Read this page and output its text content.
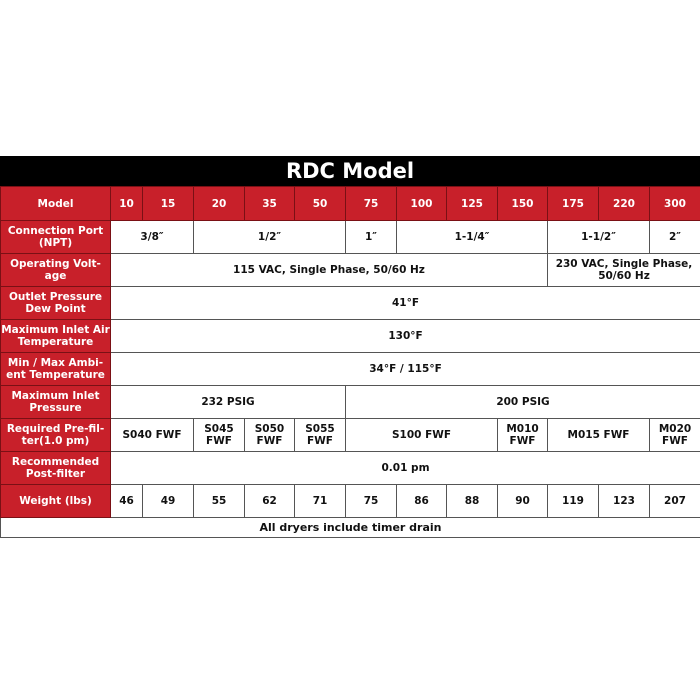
RDC Model
Model	10	15	20	35	50	75	100	125	150	175	220	300
Connection Port (NPT)	3/8″		1/2″			1″	1-1/4″			1-1/2″		2″
Operating Volt-age	115 VAC, Single Phase, 50/60 Hz									230 VAC, Single Phase, 50/60 Hz		
Outlet Pressure Dew Point	41°F											
Maximum Inlet Air Temperature	130°F											
Min / Max Ambi-ent Temperature	34°F / 115°F											
Maximum Inlet Pressure	232 PSIG					200 PSIG						
Required Pre-fil-ter(1.0 pm)	S040 FWF		S045 FWF	S050 FWF	S055 FWF	S100 FWF			M010 FWF	M015 FWF		M020 FWF
Recommended Post-filter	0.01 pm											
Weight (lbs)	46	49	55	62	71	75	86	88	90	119	123	207
All dryers include timer drain												
